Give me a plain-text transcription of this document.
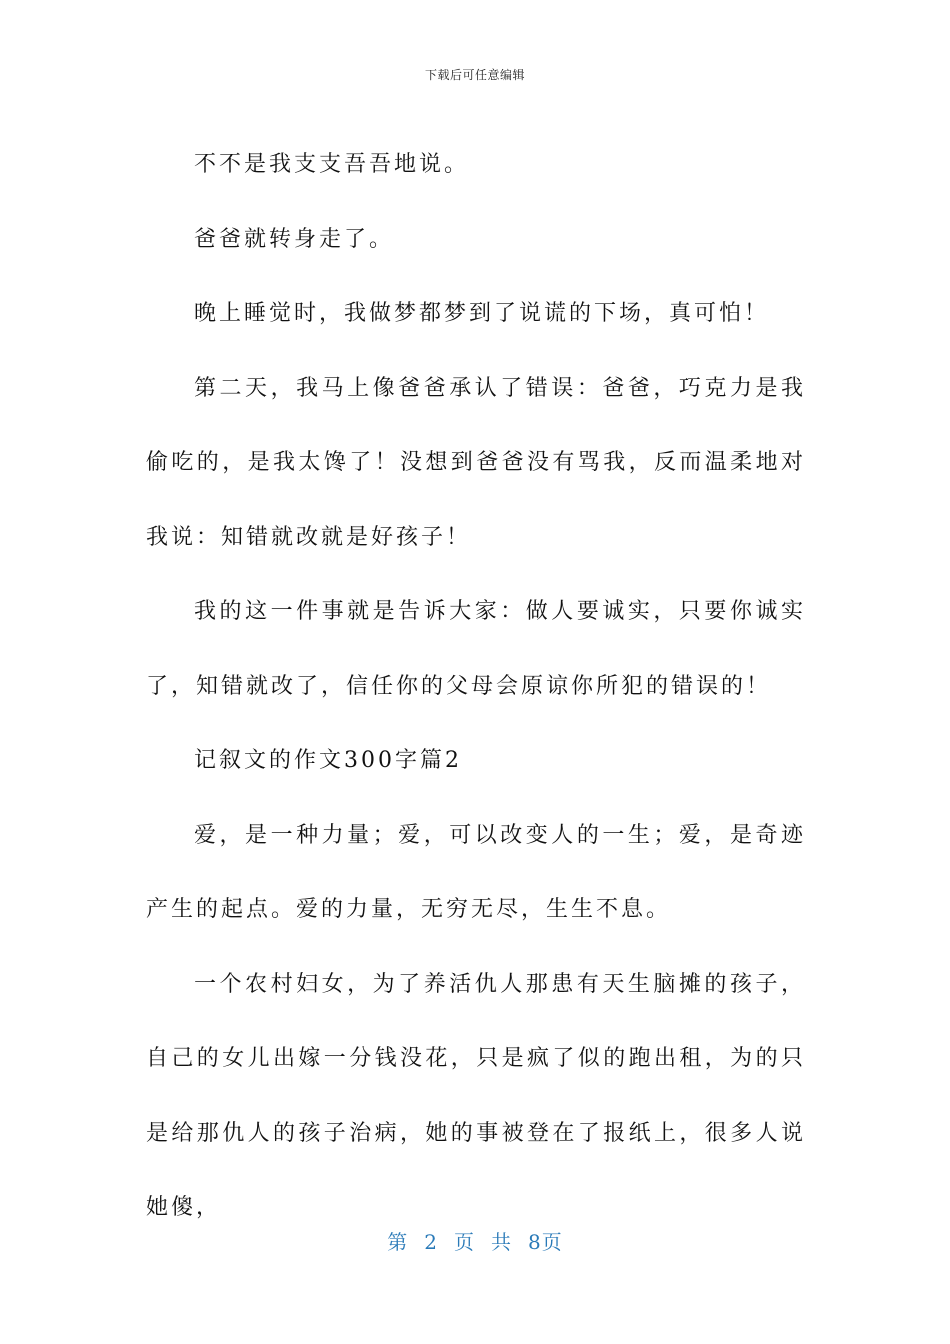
下载后可任意编辑

不不是我支支吾吾地说。

爸爸就转身走了。

晚上睡觉时，我做梦都梦到了说谎的下场，真可怕！

第二天，我马上像爸爸承认了错误：爸爸，巧克力是我偷吃的，是我太馋了！没想到爸爸没有骂我，反而温柔地对我说：知错就改就是好孩子！

我的这一件事就是告诉大家：做人要诚实，只要你诚实了，知错就改了，信任你的父母会原谅你所犯的错误的！

记叙文的作文300字篇2

爱，是一种力量；爱，可以改变人的一生；爱，是奇迹产生的起点。爱的力量，无穷无尽，生生不息。

一个农村妇女，为了养活仇人那患有天生脑摊的孩子，自己的女儿出嫁一分钱没花，只是疯了似的跑出租，为的只是给那仇人的孩子治病，她的事被登在了报纸上，很多人说她傻，

第 2 页 共 8页
